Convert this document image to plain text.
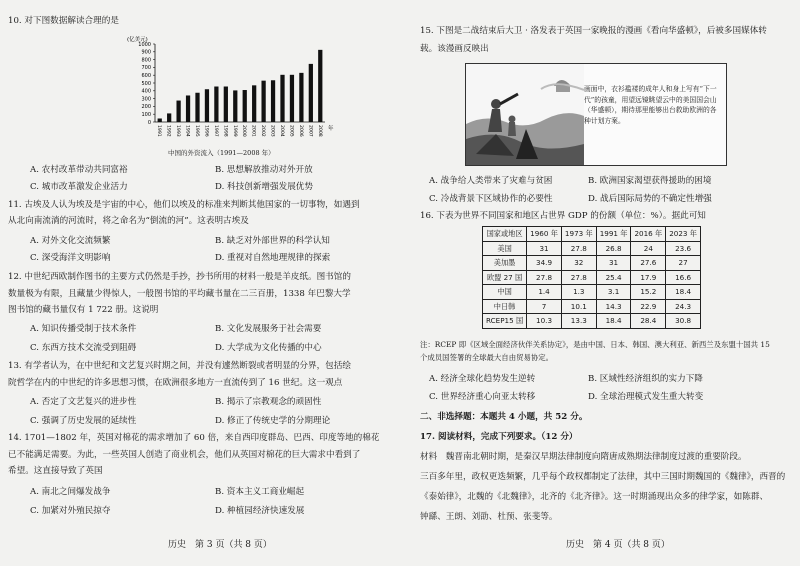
10. 对下图数据解读合理的是
(亿美元)
0
100
200
300
400
500
600
700
800
900
1000
1991 1992 1993 1994 1995 1996 1997 1998 1999 2000 2001 2002 2003 2004 2005 2006 2007 2008 年
中国的外资流入（1991—2008 年）
A. 农村改革带动共同富裕	B. 思想解放推动对外开放
C. 城市改革激发企业活力	D. 科技创新增强发展优势
11. 古埃及人认为埃及是宇宙的中心，他们以埃及的标准来判断其他国家的一切事物，如遇到
从北向南流淌的河流时，将之命名为“倒流的河”。这表明古埃及
A. 对外文化交流频繁	B. 缺乏对外部世界的科学认知
C. 深受海洋文明影响	D. 重视对自然地理规律的探索
12. 中世纪西欧制作图书的主要方式仍然是手抄，抄书所用的材料一般是羊皮纸。图书馆的
数量极为有限，且藏量少得惊人，一般图书馆的平均藏书量在二三百册，1338 年巴黎大学
图书馆的藏书量仅有 1 722 册。这说明
A. 知识传播受制于技术条件	B. 文化发展服务于社会需要
C. 东西方技术交流受到阻碍	D. 大学成为文化传播的中心
13. 有学者认为，在中世纪和文艺复兴时期之间，并没有遽然断裂或者明显的分界，包括绘
院哲学在内的中世纪的许多思想习惯，在欧洲很多地方一直流传到了 16 世纪。这一观点
A. 否定了文艺复兴的进步性	B. 揭示了宗教观念的顽固性
C. 强调了历史发展的延续性	D. 修正了传统史学的分期理论
14. 1701—1802 年，英国对棉花的需求增加了 60 倍，来自西印度群岛、巴西、印度等地的棉花
已不能满足需要。为此，一些英国人创造了商业机会，他们从英国对棉花的巨大需求中看到了
希望。这直接导致了英国
A. 南北之间爆发战争	B. 资本主义工商业崛起
C. 加紧对外殖民掠夺	D. 种植园经济快速发展
历史　第 3 页（共 8 页）
15. 下图是二战结束后大卫 · 洛发表于英国一家晚报的漫画《看向华盛顿》，后被多国媒体转
载。该漫画反映出
画面中，衣衫褴褛的成年人和身上写有“下一代”的孩童，用望远镜眺望云中的美国国会山（华盛顿），期待那里能够出台救助欧洲的各种计划方案。
A. 战争给人类带来了灾难与贫困	B. 欧洲国家渴望获得援助的困境
C. 冷战背景下区域协作的必要性	D. 战后国际局势的不确定性增强
16. 下表为世界不同国家和地区占世界 GDP 的份额（单位：%）。据此可知
国家或地区	1960 年	1973 年	1991 年	2016 年	2023 年
美国	31	27.8	26.8	24	23.6
美加墨	34.9	32	31	27.6	27
欧盟 27 国	27.8	27.8	25.4	17.9	16.6
中国	1.4	1.3	3.1	15.2	18.4
中日韩	7	10.1	14.3	22.9	24.3
RCEP15 国	10.3	13.3	18.4	28.4	30.8
注：RCEP 即《区域全面经济伙伴关系协定》，是由中国、日本、韩国、澳大利亚、新西兰及东盟十国共 15
个成员国签署的全球最大自由贸易协定。
A. 经济全球化趋势发生逆转	B. 区域性经济组织的实力下降
C. 世界经济重心向亚太转移	D. 全球治理模式发生重大转变
二、非选择题：本题共 4 小题，共 52 分。
17. 阅读材料，完成下列要求。（12 分）
材料　魏晋南北朝时期，是秦汉早期法律制度向隋唐成熟期法律制度过渡的重要阶段。
三百多年里，政权更迭频繁，几乎每个政权都制定了法律，其中三国时期魏国的《魏律》，西晋的
《泰始律》，北魏的《北魏律》，北齐的《北齐律》。这一时期涌现出众多的律学家，如陈群、
钟繇、王朗、刘劭、杜预、张斐等。
历史　第 4 页（共 8 页）
